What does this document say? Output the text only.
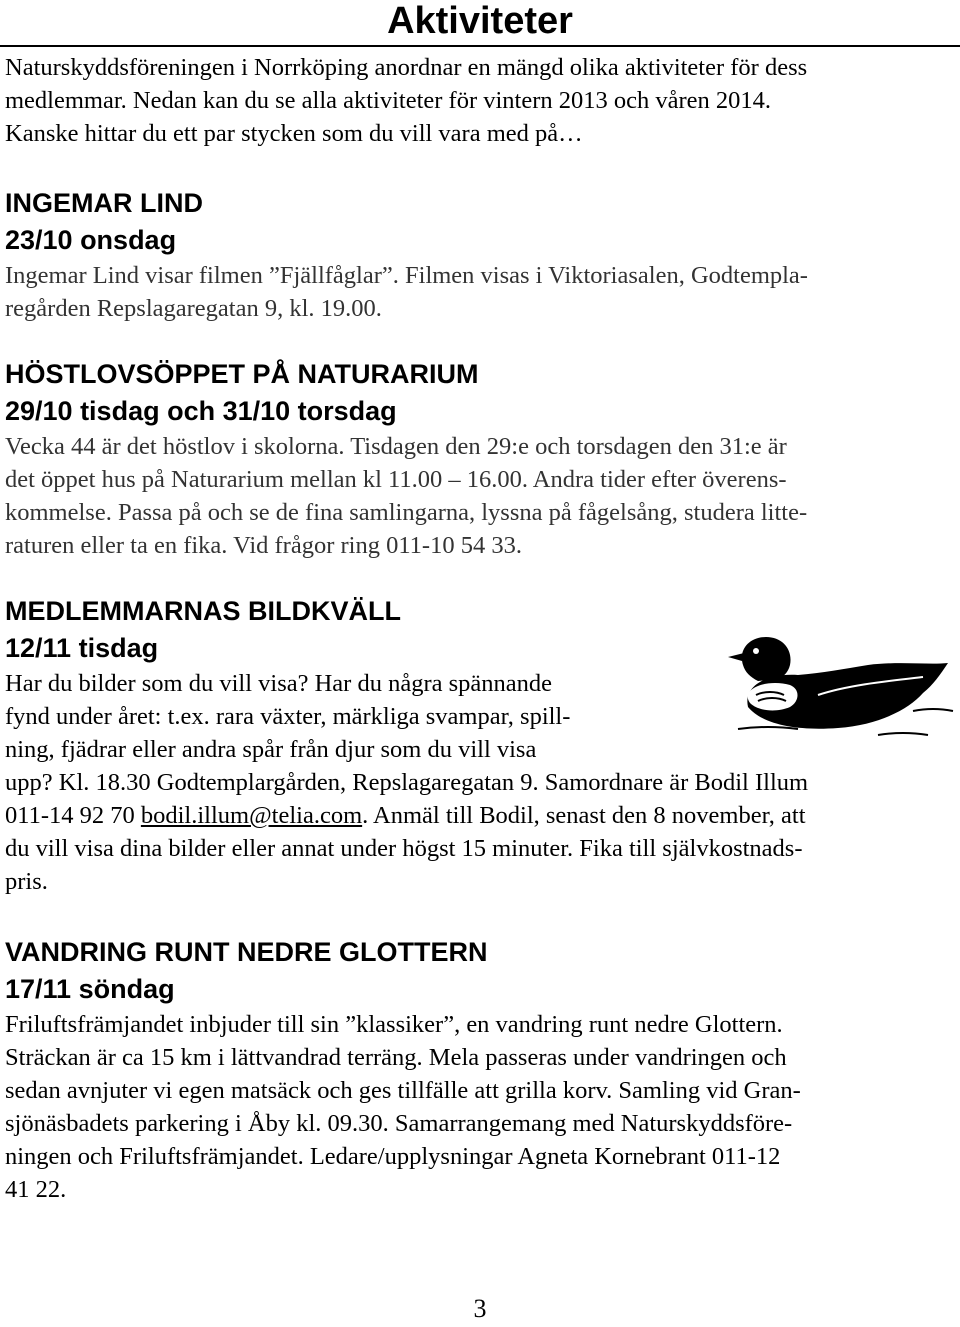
Aktiviteter
Naturskyddsföreningen i Norrköping anordnar en mängd olika aktiviteter för dess
medlemmar. Nedan kan du se alla aktiviteter för vintern 2013 och våren 2014.
Kanske hittar du ett par stycken som du vill vara med på…
INGEMAR LIND
23/10 onsdag
Ingemar Lind visar filmen ”Fjällfåglar”. Filmen visas i Viktoriasalen, Godtempla-
regården Repslagaregatan 9, kl. 19.00.
HÖSTLOVSÖPPET PÅ NATURARIUM
29/10 tisdag och 31/10 torsdag
Vecka 44 är det höstlov i skolorna. Tisdagen den 29:e och torsdagen den 31:e är
det öppet hus på Naturarium mellan kl 11.00 – 16.00. Andra tider efter överens-
kommelse. Passa på och se de fina samlingarna, lyssna på fågelsång, studera litte-
raturen eller ta en fika. Vid frågor ring 011-10 54 33.
MEDLEMMARNAS BILDKVÄLL
12/11 tisdag
Har du bilder som du vill visa? Har du några spännande
fynd under året: t.ex. rara växter, märkliga svampar, spill-
ning, fjädrar eller andra spår från djur som du vill visa
upp? Kl. 18.30 Godtemplargården, Repslagaregatan 9. Samordnare är Bodil Illum
011-14 92 70 bodil.illum@telia.com. Anmäl till Bodil, senast den 8 november, att
du vill visa dina bilder eller annat under högst 15 minuter. Fika till självkostnads-
pris.
VANDRING RUNT NEDRE GLOTTERN
17/11 söndag
Friluftsfrämjandet inbjuder till sin ”klassiker”, en vandring runt nedre Glottern.
Sträckan är ca 15 km i lättvandrad terräng. Mela passeras under vandringen och
sedan avnjuter vi egen matsäck och ges tillfälle att grilla korv. Samling vid Gran-
sjönäsbadets parkering i Åby kl. 09.30. Samarrangemang med Naturskyddsföre-
ningen och Friluftsfrämjandet. Ledare/upplysningar Agneta Kornebrant 011-12
41 22.
3
